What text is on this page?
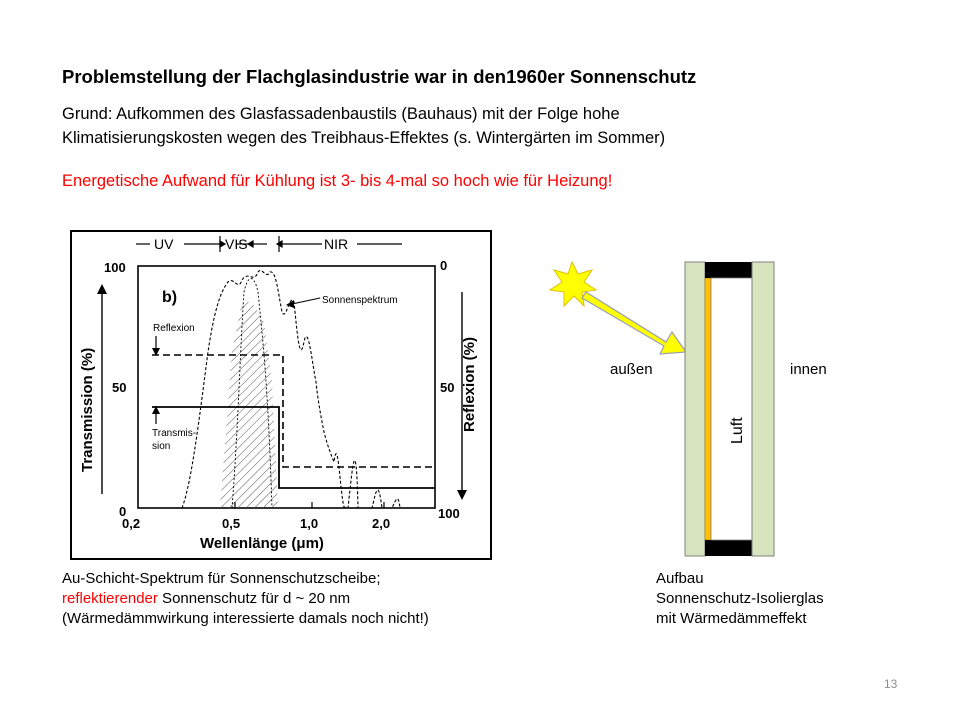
Problemstellung der Flachglasindustrie war in den1960er Sonnenschutz
Grund: Aufkommen des Glasfassadenbaustils (Bauhaus) mit der Folge hohe
Klimatisierungskosten wegen des Treibhaus-Effektes (s. Wintergärten im Sommer)
Energetische Aufwand für Kühlung ist 3- bis 4-mal so hoch wie für Heizung!
UV	VIS	NIR
b)	Sonnenspektrum
Reflexion
Transmis-
sion
100
50
0
0
50
100
0,2	0,5	1,0	2,0
Transmission (%)	Reflexion (%)
Wellenlänge (μm)
Au-Schicht-Spektrum für Sonnenschutzscheibe;
reflektierender Sonnenschutz für d ~ 20 nm
(Wärmedämmwirkung interessierte damals noch nicht!)
außen	innen
Luft
Aufbau
Sonnenschutz-Isolierglas
mit Wärmedämmeffekt
13
